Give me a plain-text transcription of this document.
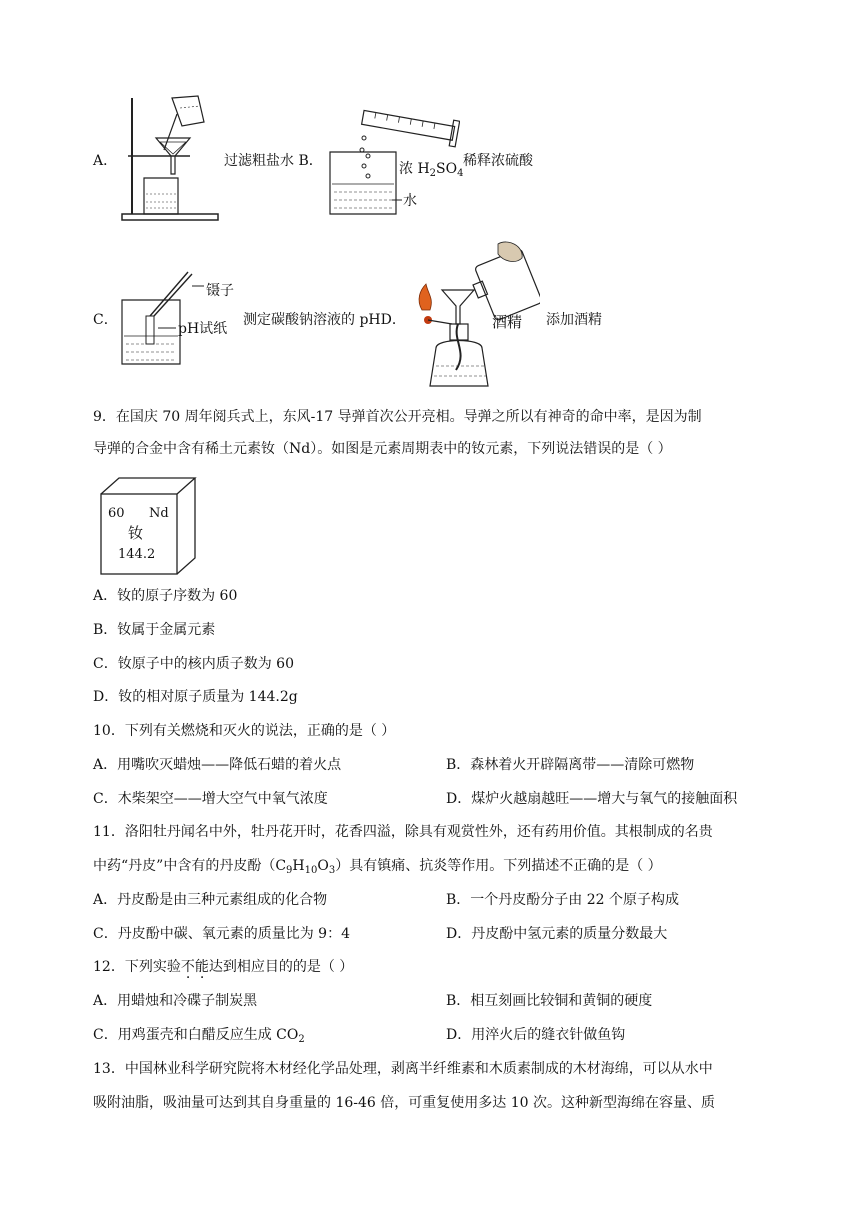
A．	过滤粗盐水 B．	浓 $H_2SO_4$
水
稀释浓硫酸
C．
镊子
pH试纸
测定碳酸钠溶液的 pHD．	酒精 添加酒精
9．在国庆 70 周年阅兵式上，东风-17 导弹首次公开亮相。导弹之所以有神奇的命中率，是因为制
导弹的合金中含有稀土元素钕（Nd）。如图是元素周期表中的钕元素，下列说法错误的是（ ）
60 Nd
钕
144.2
A．钕的原子序数为 60
B．钕属于金属元素
C．钕原子中的核内质子数为 60
D．钕的相对原子质量为 144.2g
10．下列有关燃烧和灭火的说法，正确的是（ ）
A．用嘴吹灭蜡烛——降低石蜡的着火点	B．森林着火开辟隔离带——清除可燃物
C．木柴架空——增大空气中氧气浓度	D．煤炉火越扇越旺——增大与氧气的接触面积
11．洛阳牡丹闻名中外，牡丹花开时，花香四溢，除具有观赏性外，还有药用价值。其根制成的名贵
中药“丹皮”中含有的丹皮酚$(C_9H_{10}O_3)$具有镇痛、抗炎等作用。下列描述不正确的是（ ）
A．丹皮酚是由三种元素组成的化合物	B．一个丹皮酚分子由 22 个原子构成
C．丹皮酚中碳、氧元素的质量比为 9：4	D．丹皮酚中氢元素的质量分数最大
12．下列实验不能达到相应目的的是（ ）
A．用蜡烛和冷碟子制炭黑	B．相互刻画比较铜和黄铜的硬度
C．用鸡蛋壳和白醋反应生成 $CO_2$	D．用淬火后的缝衣针做鱼钩
13．中国林业科学研究院将木材经化学品处理，剥离半纤维素和木质素制成的木材海绵，可以从水中
吸附油脂，吸油量可达到其自身重量的 16-46 倍，可重复使用多达 10 次。这种新型海绵在容量、质
